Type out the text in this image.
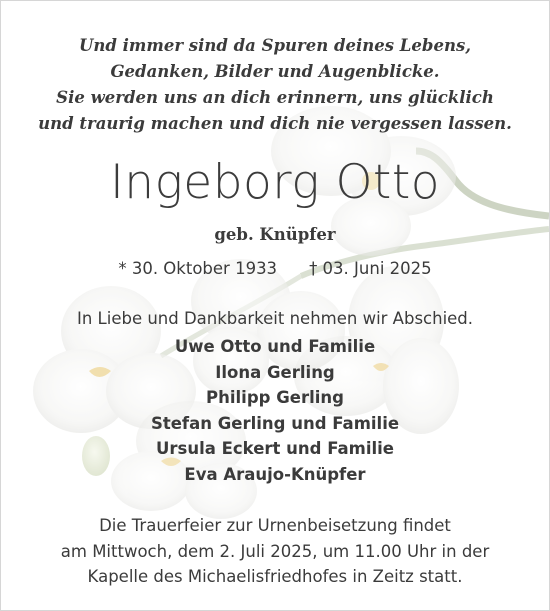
Und immer sind da Spuren deines Lebens,
Gedanken, Bilder und Augenblicke.
Sie werden uns an dich erinnern, uns glücklich
und traurig machen und dich nie vergessen lassen.
Ingeborg Otto
geb. Knüpfer
* 30. Oktober 1933 † 03. Juni 2025
In Liebe und Dankbarkeit nehmen wir Abschied.
Uwe Otto und Familie
Ilona Gerling
Philipp Gerling
Stefan Gerling und Familie
Ursula Eckert und Familie
Eva Araujo-Knüpfer
Die Trauerfeier zur Urnenbeisetzung findet
am Mittwoch, dem 2. Juli 2025, um 11.00 Uhr in der
Kapelle des Michaelisfriedhofes in Zeitz statt.
